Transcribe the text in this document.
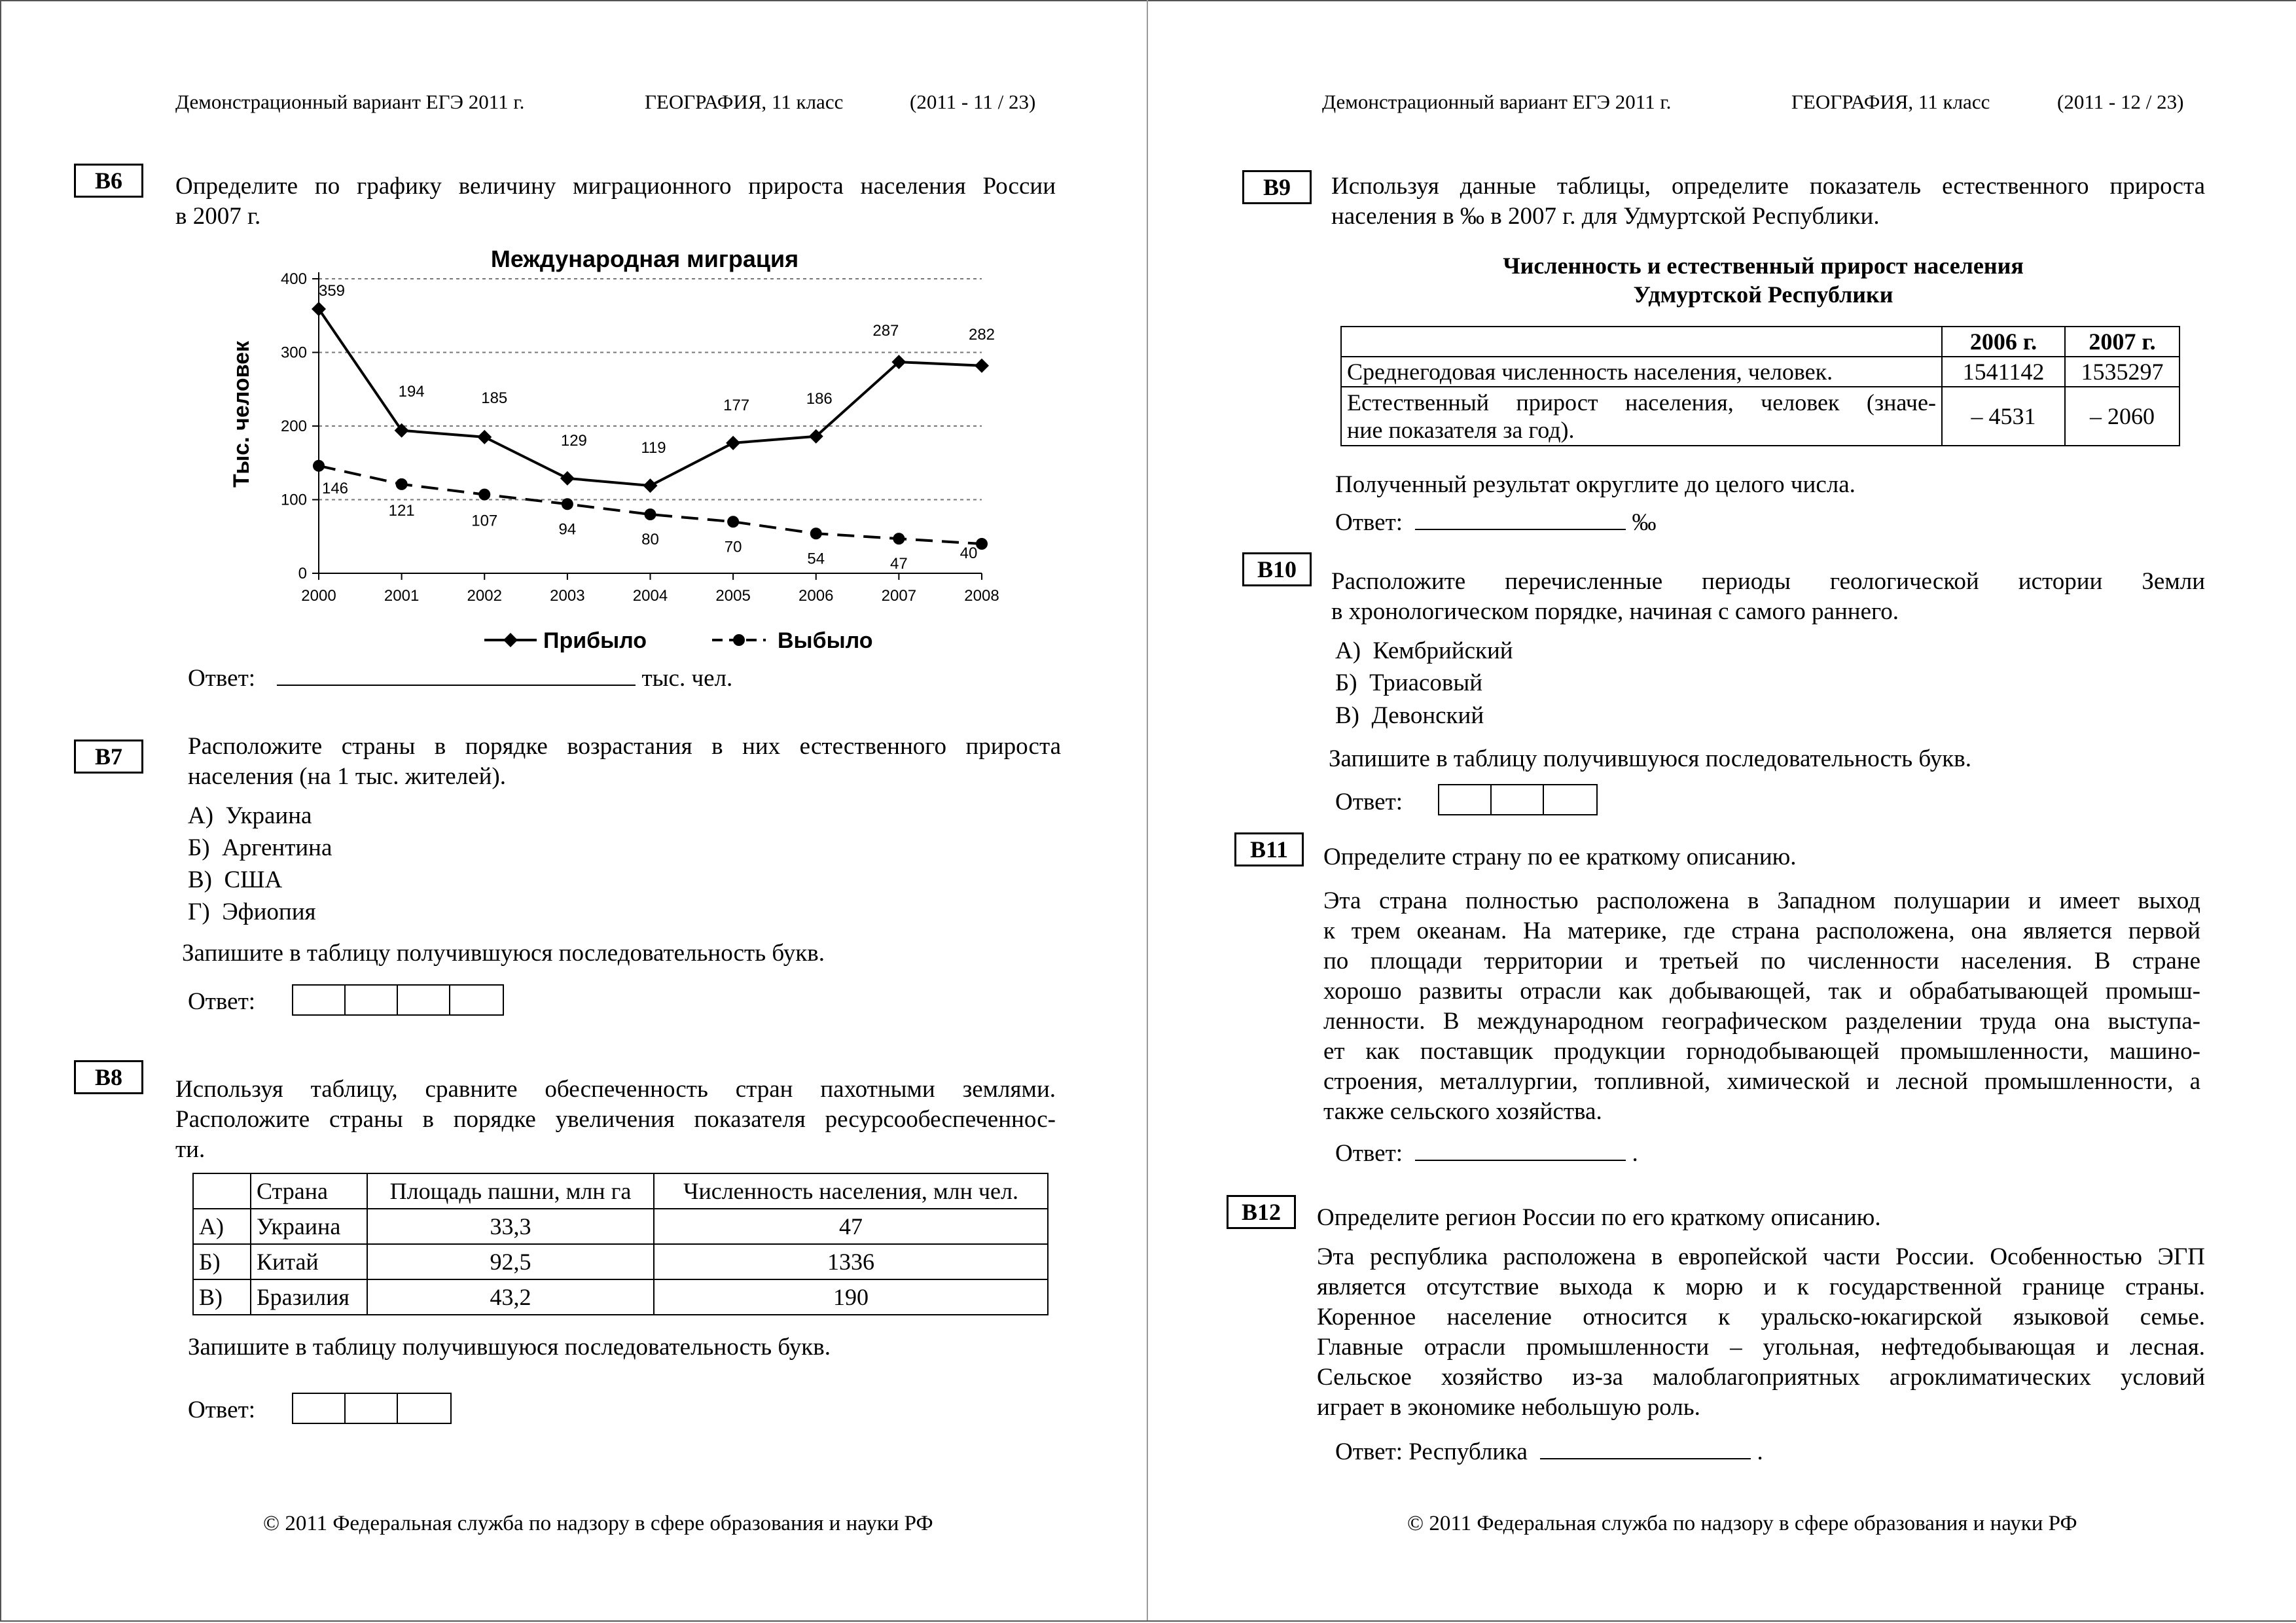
Демонстрационный вариант ЕГЭ 2011 г.	ГЕОГРАФИЯ, 11 класс	(2011 - 11 / 23)
В6	Определите по графику величину миграционного прироста населения России
в 2007 г.
Международная миграция
Тыс. человек
0
100
200
300
400
2000	2001	2002	2003	2004	2005	2006	2007	2008
359
194	185
129	119
177	186
287	282
146
121
107	94
80	70
54	47
40
Прибыло	Выбыло
Ответ:	тыс. чел.
В7	Расположите страны в порядке возрастания в них естественного прироста
населения (на 1 тыс. жителей).
А) Украина
Б) Аргентина
В) США
Г) Эфиопия
Запишите в таблицу получившуюся последовательность букв.
Ответ:
В8	Используя таблицу, сравните обеспеченность стран пахотными землями.
Расположите страны в порядке увеличения показателя ресурсообеспеченнос-
ти.
	Страна	Площадь пашни, млн га	Численность населения, млн чел.
А)	Украина	33,3	47
Б)	Китай	92,5	1336
В)	Бразилия	43,2	190
Запишите в таблицу получившуюся последовательность букв.
Ответ:
© 2011 Федеральная служба по надзору в сфере образования и науки РФ
Демонстрационный вариант ЕГЭ 2011 г.	ГЕОГРАФИЯ, 11 класс	(2011 - 12 / 23)
В9	Используя данные таблицы, определите показатель естественного прироста
населения в ‰ в 2007 г. для Удмуртской Республики.
Численность и естественный прирост населения
Удмуртской Республики
	2006 г.	2007 г.
Среднегодовая численность населения, человек.	1541142	1535297

Естественный прирост населения, человек (значе-
ние показателя за год).	– 4531	– 2060
Полученный результат округлите до целого числа.
Ответ:	‰
В10	Расположите перечисленные периоды геологической истории Земли
в хронологическом порядке, начиная с самого раннего.
А) Кембрийский
Б) Триасовый
В) Девонский
Запишите в таблицу получившуюся последовательность букв.
Ответ:
В11	Определите страну по ее краткому описанию.
Эта страна полностью расположена в Западном полушарии и имеет выход
к трем океанам. На материке, где страна расположена, она является первой
по площади территории и третьей по численности населения. В стране
хорошо развиты отрасли как добывающей, так и обрабатывающей промыш-
ленности. В международном географическом разделении труда она выступа-
ет как поставщик продукции горнодобывающей промышленности, машино-
строения, металлургии, топливной, химической и лесной промышленности, а
также сельского хозяйства.
Ответ:	.
В12	Определите регион России по его краткому описанию.
Эта республика расположена в европейской части России. Особенностью ЭГП
является отсутствие выхода к морю и к государственной границе страны.
Коренное население относится к уральско-юкагирской языковой семье.
Главные отрасли промышленности – угольная, нефтедобывающая и лесная.
Сельское хозяйство из-за малоблагоприятных агроклиматических условий
играет в экономике небольшую роль.
Ответ: Республика	.
© 2011 Федеральная служба по надзору в сфере образования и науки РФ
